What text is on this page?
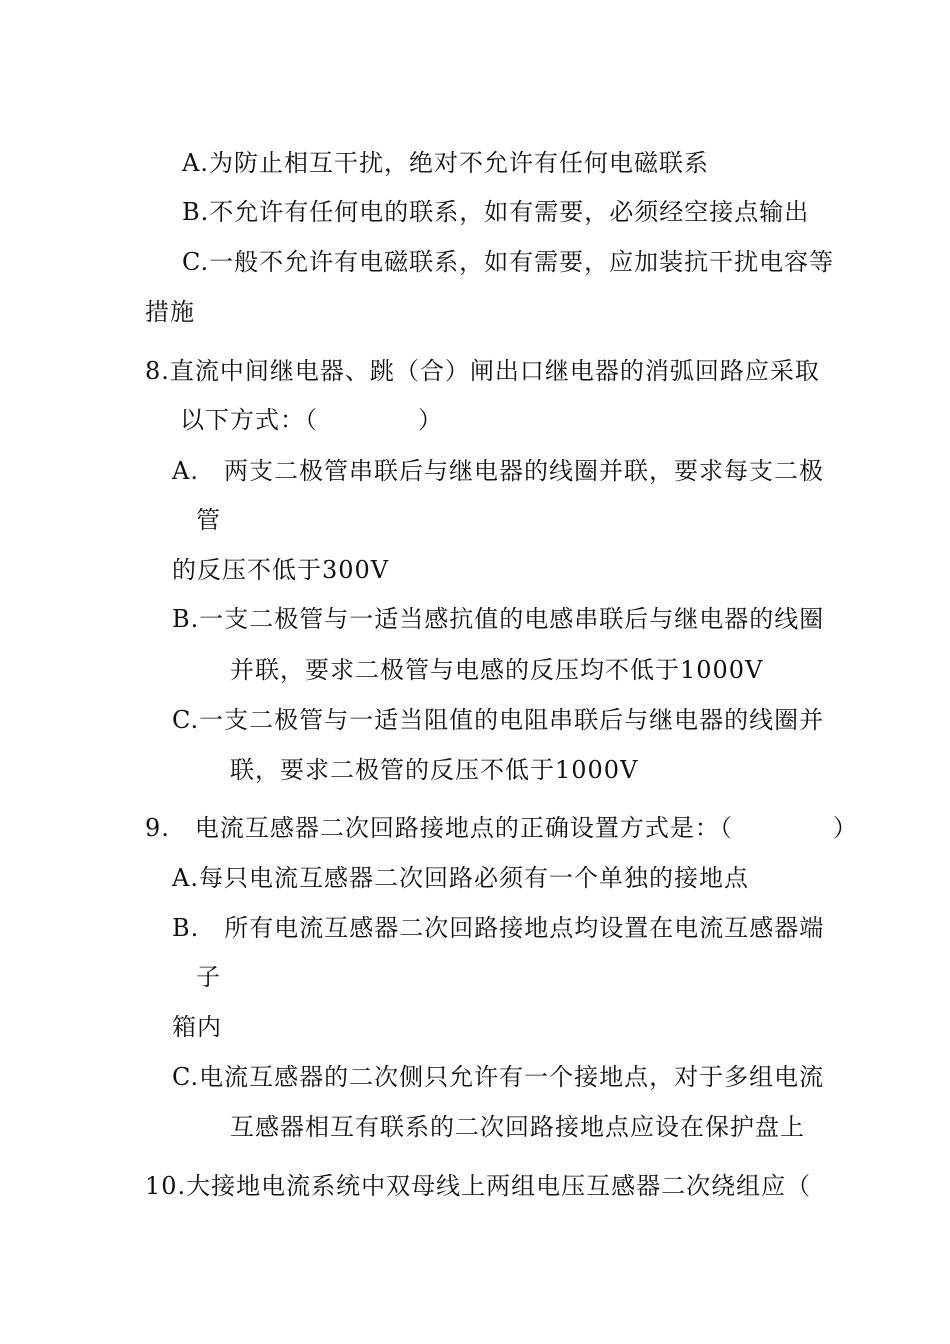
A.为防止相互干扰，绝对不允许有任何电磁联系
B.不允许有任何电的联系，如有需要，必须经空接点输出
C.一般不允许有电磁联系，如有需要，应加装抗干扰电容等
措施
8.直流中间继电器、跳（合）闸出口继电器的消弧回路应采取
以下方式：（　　　　）
A.　两支二极管串联后与继电器的线圈并联，要求每支二极
管
的反压不低于300V
B.一支二极管与一适当感抗值的电感串联后与继电器的线圈
并联，要求二极管与电感的反压均不低于1000V
C.一支二极管与一适当阻值的电阻串联后与继电器的线圈并
联，要求二极管的反压不低于1000V
9.　电流互感器二次回路接地点的正确设置方式是：（　　　　）
A.每只电流互感器二次回路必须有一个单独的接地点
B.　所有电流互感器二次回路接地点均设置在电流互感器端
子
箱内
C.电流互感器的二次侧只允许有一个接地点，对于多组电流
互感器相互有联系的二次回路接地点应设在保护盘上
10.大接地电流系统中双母线上两组电压互感器二次绕组应（
